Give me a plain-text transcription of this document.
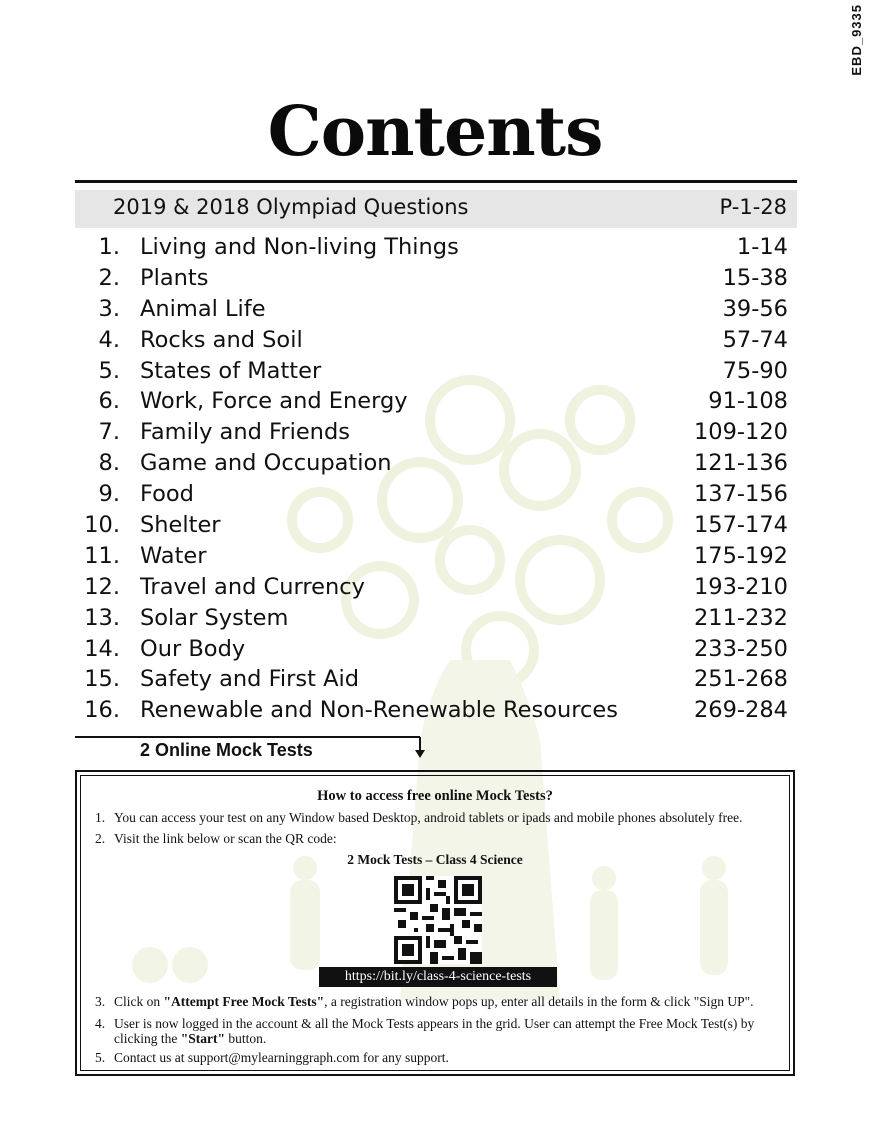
EBD_9335
Contents
2019 & 2018 Olympiad Questions	P-1-28
1. Living and Non-living Things	1-14
2. Plants	15-38
3. Animal Life	39-56
4. Rocks and Soil	57-74
5. States of Matter	75-90
6. Work, Force and Energy	91-108
7. Family and Friends	109-120
8. Game and Occupation	121-136
9. Food	137-156
10. Shelter	157-174
11. Water	175-192
12. Travel and Currency	193-210
13. Solar System	211-232
14. Our Body	233-250
15. Safety and First Aid	251-268
16. Renewable and Non-Renewable Resources	269-284
2 Online Mock Tests
How to access free online Mock Tests?
1. You can access your test on any Window based Desktop, android tablets or ipads and mobile phones absolutely free.
2. Visit the link below or scan the QR code:
2 Mock Tests – Class 4 Science
https://bit.ly/class-4-science-tests
3. Click on "Attempt Free Mock Tests", a registration window pops up, enter all details in the form & click "Sign UP".
4. User is now logged in the account & all the Mock Tests appears in the grid. User can attempt the Free Mock Test(s) by clicking the "Start" button.
5. Contact us at support@mylearninggraph.com for any support.
